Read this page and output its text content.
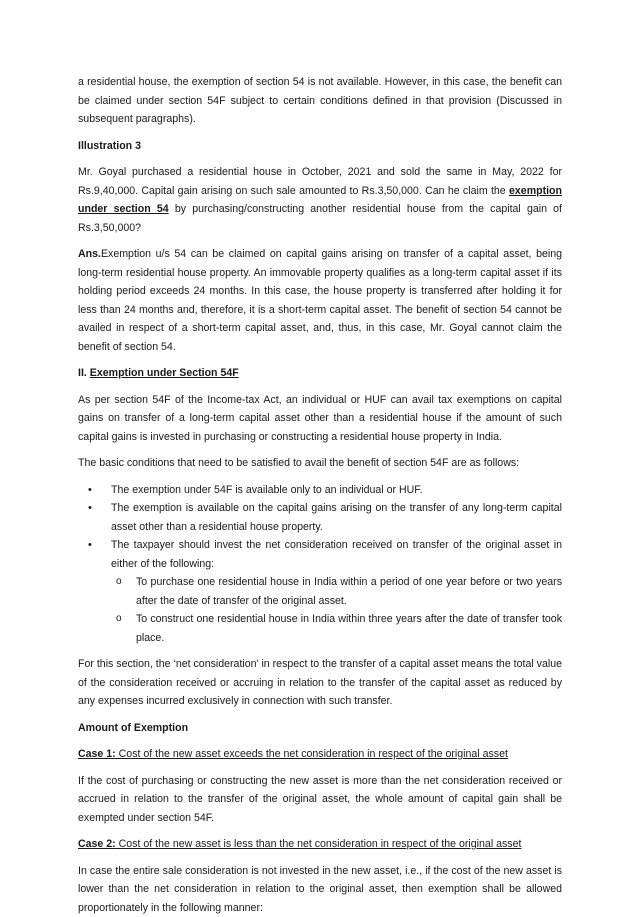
a residential house, the exemption of section 54 is not available. However, in this case, the benefit can be claimed under section 54F subject to certain conditions defined in that provision (Discussed in subsequent paragraphs).

Illustration 3

Mr. Goyal purchased a residential house in October, 2021 and sold the same in May, 2022 for Rs.9,40,000. Capital gain arising on such sale amounted to Rs.3,50,000. Can he claim the exemption under section 54 by purchasing/constructing another residential house from the capital gain of Rs.3,50,000?

Ans.Exemption u/s 54 can be claimed on capital gains arising on transfer of a capital asset, being long-term residential house property. An immovable property qualifies as a long-term capital asset if its holding period exceeds 24 months. In this case, the house property is transferred after holding it for less than 24 months and, therefore, it is a short-term capital asset. The benefit of section 54 cannot be availed in respect of a short-term capital asset, and, thus, in this case, Mr. Goyal cannot claim the benefit of section 54.

II. Exemption under Section 54F

As per section 54F of the Income-tax Act, an individual or HUF can avail tax exemptions on capital gains on transfer of a long-term capital asset other than a residential house if the amount of such capital gains is invested in purchasing or constructing a residential house property in India.

The basic conditions that need to be satisfied to avail the benefit of section 54F are as follows:

• The exemption under 54F is available only to an individual or HUF.
• The exemption is available on the capital gains arising on the transfer of any long-term capital asset other than a residential house property.
• The taxpayer should invest the net consideration received on transfer of the original asset in either of the following:
o To purchase one residential house in India within a period of one year before or two years after the date of transfer of the original asset.
o To construct one residential house in India within three years after the date of transfer took place.

For this section, the ‘net consideration’ in respect to the transfer of a capital asset means the total value of the consideration received or accruing in relation to the transfer of the capital asset as reduced by any expenses incurred exclusively in connection with such transfer.

Amount of Exemption

Case 1: Cost of the new asset exceeds the net consideration in respect of the original asset

If the cost of purchasing or constructing the new asset is more than the net consideration received or accrued in relation to the transfer of the original asset, the whole amount of capital gain shall be exempted under section 54F.

Case 2: Cost of the new asset is less than the net consideration in respect of the original asset

In case the entire sale consideration is not invested in the new asset, i.e., if the cost of the new asset is lower than the net consideration in relation to the original asset, then exemption shall be allowed proportionately in the following manner:
